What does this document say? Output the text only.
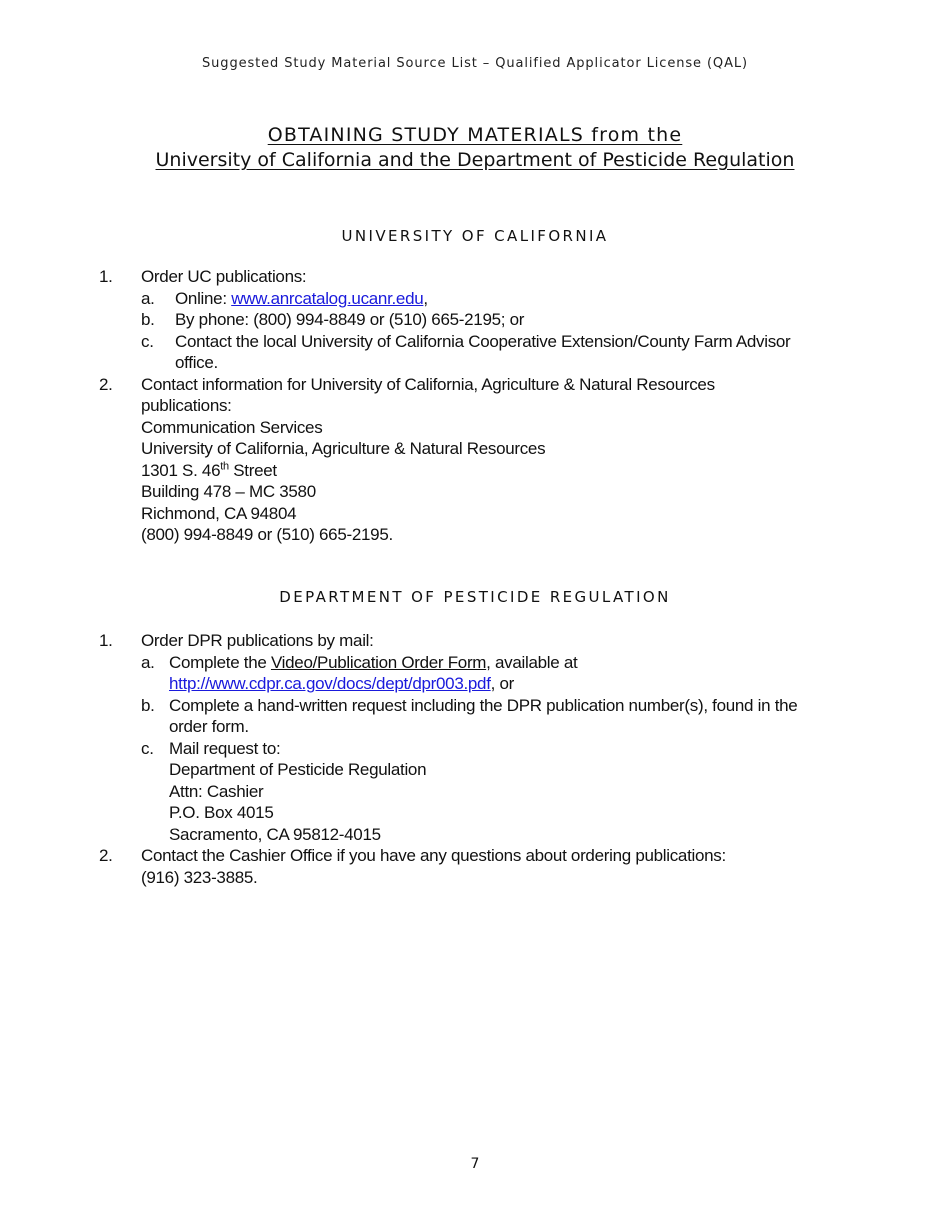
Suggested Study Material Source List – Qualified Applicator License (QAL)
OBTAINING STUDY MATERIALS from the
University of California and the Department of Pesticide Regulation
UNIVERSITY OF CALIFORNIA
1. Order UC publications:
a. Online: www.anrcatalog.ucanr.edu,
b. By phone: (800) 994-8849 or (510) 665-2195; or
c. Contact the local University of California Cooperative Extension/County Farm Advisor
office.
2. Contact information for University of California, Agriculture & Natural Resources
publications:
Communication Services
University of California, Agriculture & Natural Resources
1301 S. 46th Street
Building 478 – MC 3580
Richmond, CA 94804
(800) 994-8849 or (510) 665-2195.
DEPARTMENT OF PESTICIDE REGULATION
1. Order DPR publications by mail:
a. Complete the Video/Publication Order Form, available at
http://www.cdpr.ca.gov/docs/dept/dpr003.pdf, or
b. Complete a hand-written request including the DPR publication number(s), found in the
order form.
c. Mail request to:
Department of Pesticide Regulation
Attn: Cashier
P.O. Box 4015
Sacramento, CA 95812-4015
2. Contact the Cashier Office if you have any questions about ordering publications:
(916) 323-3885.
7
